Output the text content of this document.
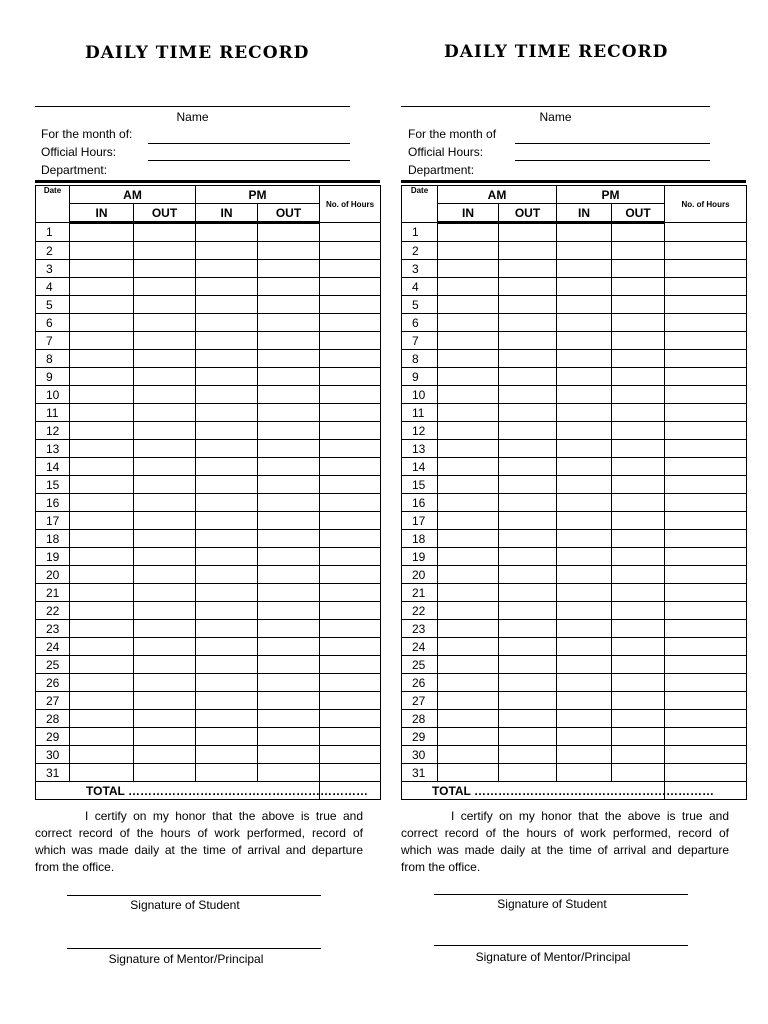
DAILY TIME RECORD
Name
For the month of:
Official Hours:
Department:
Date	AM		PM		No. of Hours
	IN	OUT	IN	OUT	
1					
2					
3					
4					
5					
6					
7					
8					
9					
10					
11					
12					
13					
14					
15					
16					
17					
18					
19					
20					
21					
22					
23					
24					
25					
26					
27					
28					
29					
30					
31					
TOTAL ……………………………………………………					
I certify on my honor that the above is true and correct record of the hours of work performed, record of which was made daily at the time of arrival and departure from the office.
Signature of Student
Signature of Mentor/Principal
DAILY TIME RECORD
Name
For the month of
Official Hours:
Department:
Date	AM		PM		No. of Hours
	IN	OUT	IN	OUT	
1					
2					
3					
4					
5					
6					
7					
8					
9					
10					
11					
12					
13					
14					
15					
16					
17					
18					
19					
20					
21					
22					
23					
24					
25					
26					
27					
28					
29					
30					
31					
TOTAL ……………………………………………………					
I certify on my honor that the above is true and correct record of the hours of work performed, record of which was made daily at the time of arrival and departure from the office.
Signature of Student
Signature of Mentor/Principal
